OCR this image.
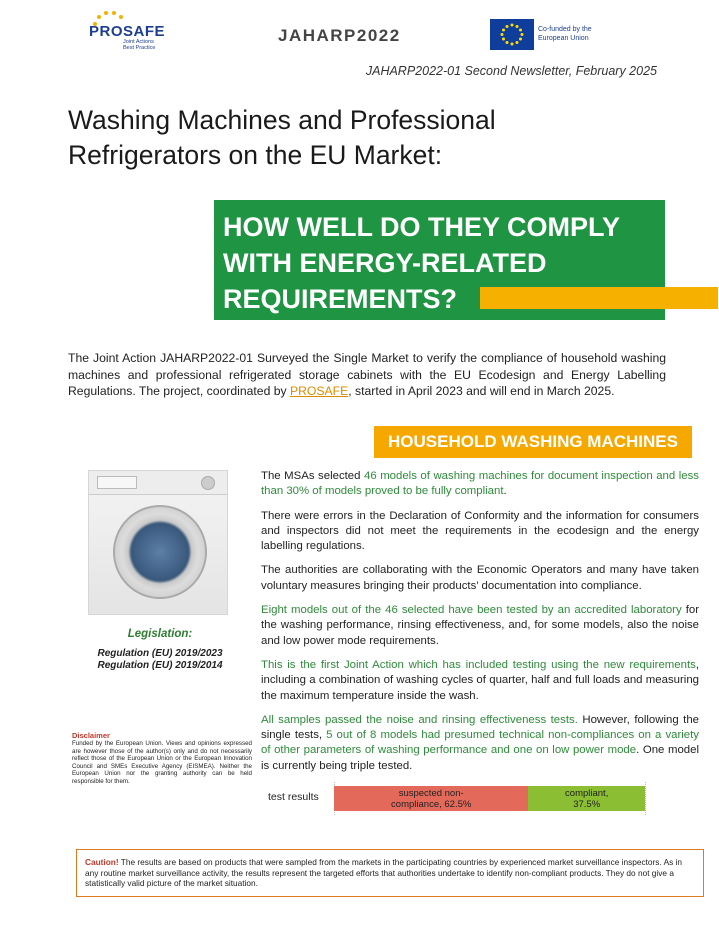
PROSAFE
Joint Actions Best Practice
JAHARP2022	Co-funded by the European Union
JAHARP2022-01 Second Newsletter, February 2025
Washing Machines and Professional Refrigerators on the EU Market:
HOW WELL DO THEY COMPLY WITH ENERGY-RELATED REQUIREMENTS?

The Joint Action JAHARP2022-01 Surveyed the Single Market to verify the compliance of household washing machines and professional refrigerated storage cabinets with the EU Ecodesign and Energy Labelling Regulations. The project, coordinated by PROSAFE, started in April 2023 and will end in March 2025.

HOUSEHOLD WASHING MACHINES
Legislation:
Regulation (EU) 2019/2023
Regulation (EU) 2019/2014
Disclaimer
Funded by the European Union. Views and opinions expressed are however those of the author(s) only and do not necessarily reflect those of the European Union or the European Innovation Council and SMEs Executive Agency (EISMEA). Neither the European Union nor the granting authority can be held responsible for them.

The MSAs selected 46 models of washing machines for document inspection and less than 30% of models proved to be fully compliant.

There were errors in the Declaration of Conformity and the information for consumers and inspectors did not meet the requirements in the ecodesign and the energy labelling regulations.

The authorities are collaborating with the Economic Operators and many have taken voluntary measures bringing their products’ documentation into compliance.

Eight models out of the 46 selected have been tested by an accredited laboratory for the washing performance, rinsing effectiveness, and, for some models, also the noise and low power mode requirements.

This is the first Joint Action which has included testing using the new requirements, including a combination of washing cycles of quarter, half and full loads and measuring the maximum temperature inside the wash.

All samples passed the noise and rinsing effectiveness tests. However, following the single tests, 5 out of 8 models had presumed technical non-compliances on a variety of other parameters of washing performance and one on low power mode. One model is currently being triple tested.

test results	suspected non-compliance, 62.5%
compliant, 37.5%
Caution! The results are based on products that were sampled from the markets in the participating countries by experienced market surveillance inspectors. As in any routine market surveillance activity, the results represent the targeted efforts that authorities undertake to identify non-compliant products. They do not give a statistically valid picture of the market situation.
